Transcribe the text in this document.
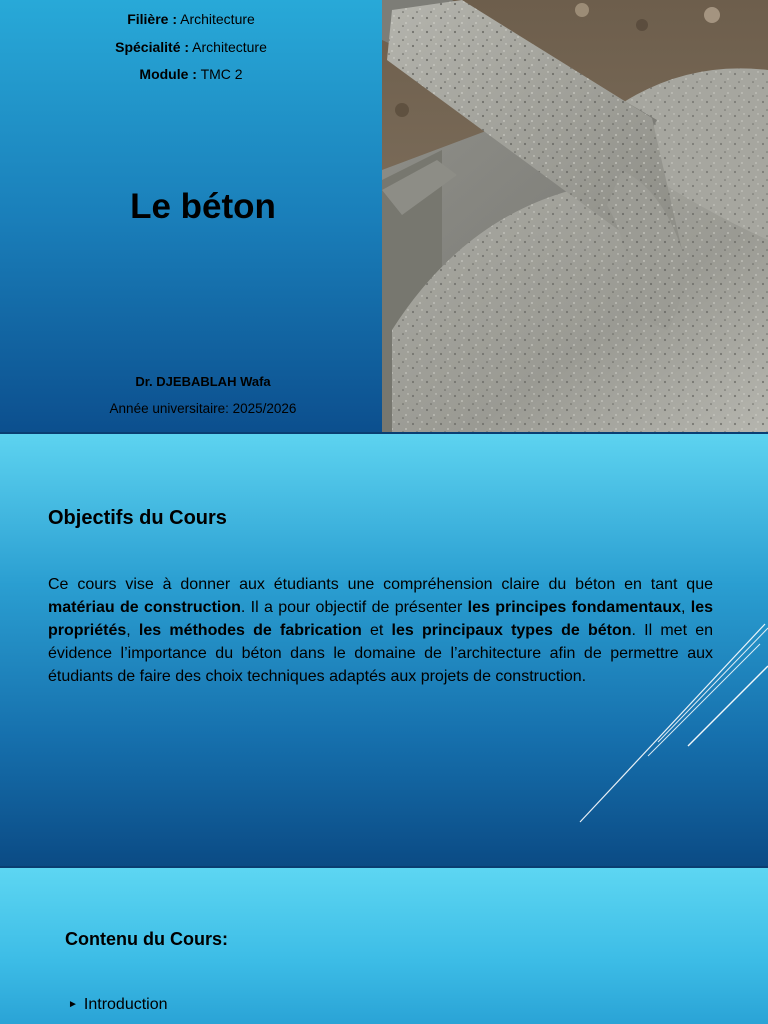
Filière : Architecture
Spécialité : Architecture
Module : TMC 2
Le béton
Dr. DJEBABLAH Wafa
Année universitaire: 2025/2026
Objectifs du Cours
Ce cours vise à donner aux étudiants une compréhension claire du béton en tant que matériau de construction. Il a pour objectif de présenter les principes fondamentaux, les propriétés, les méthodes de fabrication et les principaux types de béton. Il met en évidence l’importance du béton dans le domaine de l’architecture afin de permettre aux étudiants de faire des choix techniques adaptés aux projets de construction.
Contenu du Cours:
► Introduction
